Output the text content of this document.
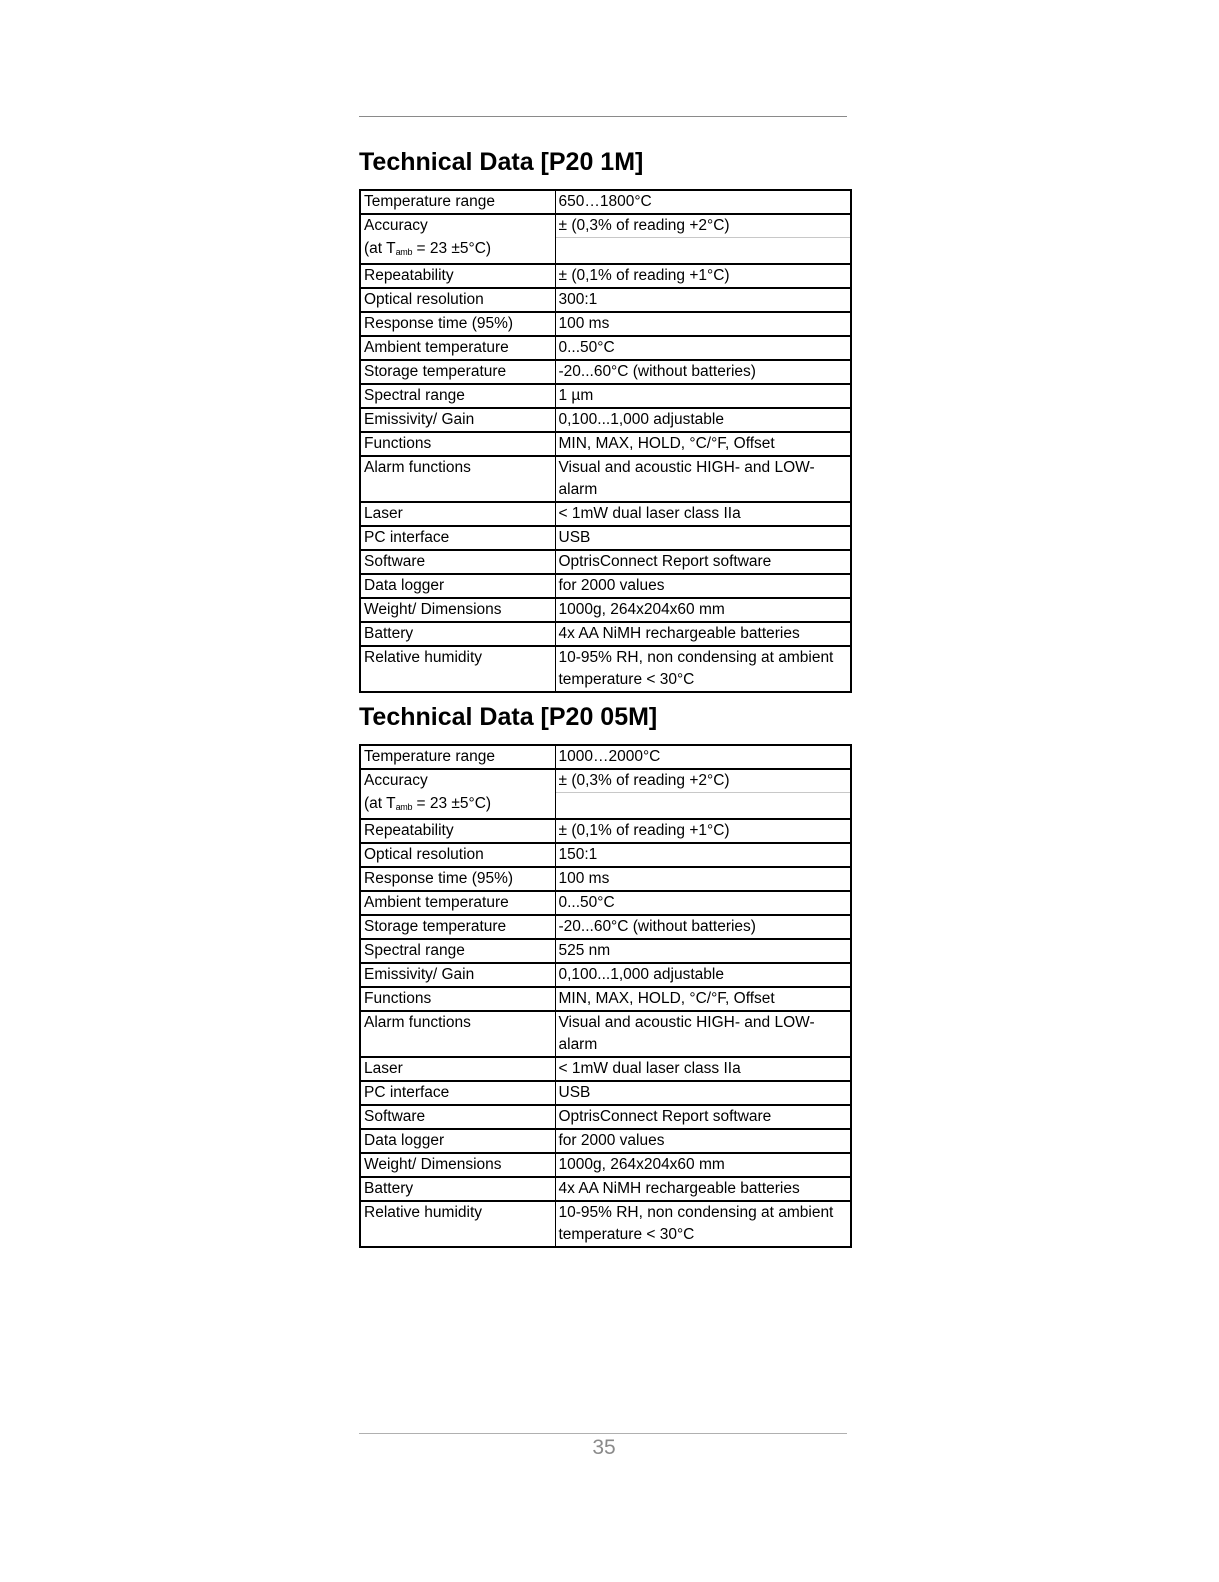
Technical Data [P20 1M]
Temperature range	650…1800°C
Accuracy	± (0,3% of reading +2°C)
(at $T_{amb} = 23 \pm 5^\circ C$)	
Repeatability	± (0,1% of reading +1°C)
Optical resolution	300:1
Response time (95%)	100 ms
Ambient temperature	0...50°C
Storage temperature	-20...60°C (without batteries)
Spectral range	1 µm
Emissivity/ Gain	0,100...1,000 adjustable
Functions	MIN, MAX, HOLD, °C/°F, Offset
Alarm functions	Visual and acoustic HIGH- and LOW-alarm
Laser	< 1mW dual laser class IIa
PC interface	USB
Software	OptrisConnect Report software
Data logger	for 2000 values
Weight/ Dimensions	1000g, 264x204x60 mm
Battery	4x AA NiMH rechargeable batteries
Relative humidity	10-95% RH, non condensing at ambient temperature < 30°C
Technical Data [P20 05M]
Temperature range	1000…2000°C
Accuracy	± (0,3% of reading +2°C)
(at $T_{amb} = 23 \pm 5^\circ C$)	
Repeatability	± (0,1% of reading +1°C)
Optical resolution	150:1
Response time (95%)	100 ms
Ambient temperature	0...50°C
Storage temperature	-20...60°C (without batteries)
Spectral range	525 nm
Emissivity/ Gain	0,100...1,000 adjustable
Functions	MIN, MAX, HOLD, °C/°F, Offset
Alarm functions	Visual and acoustic HIGH- and LOW-alarm
Laser	< 1mW dual laser class IIa
PC interface	USB
Software	OptrisConnect Report software
Data logger	for 2000 values
Weight/ Dimensions	1000g, 264x204x60 mm
Battery	4x AA NiMH rechargeable batteries
Relative humidity	10-95% RH, non condensing at ambient temperature < 30°C
35
